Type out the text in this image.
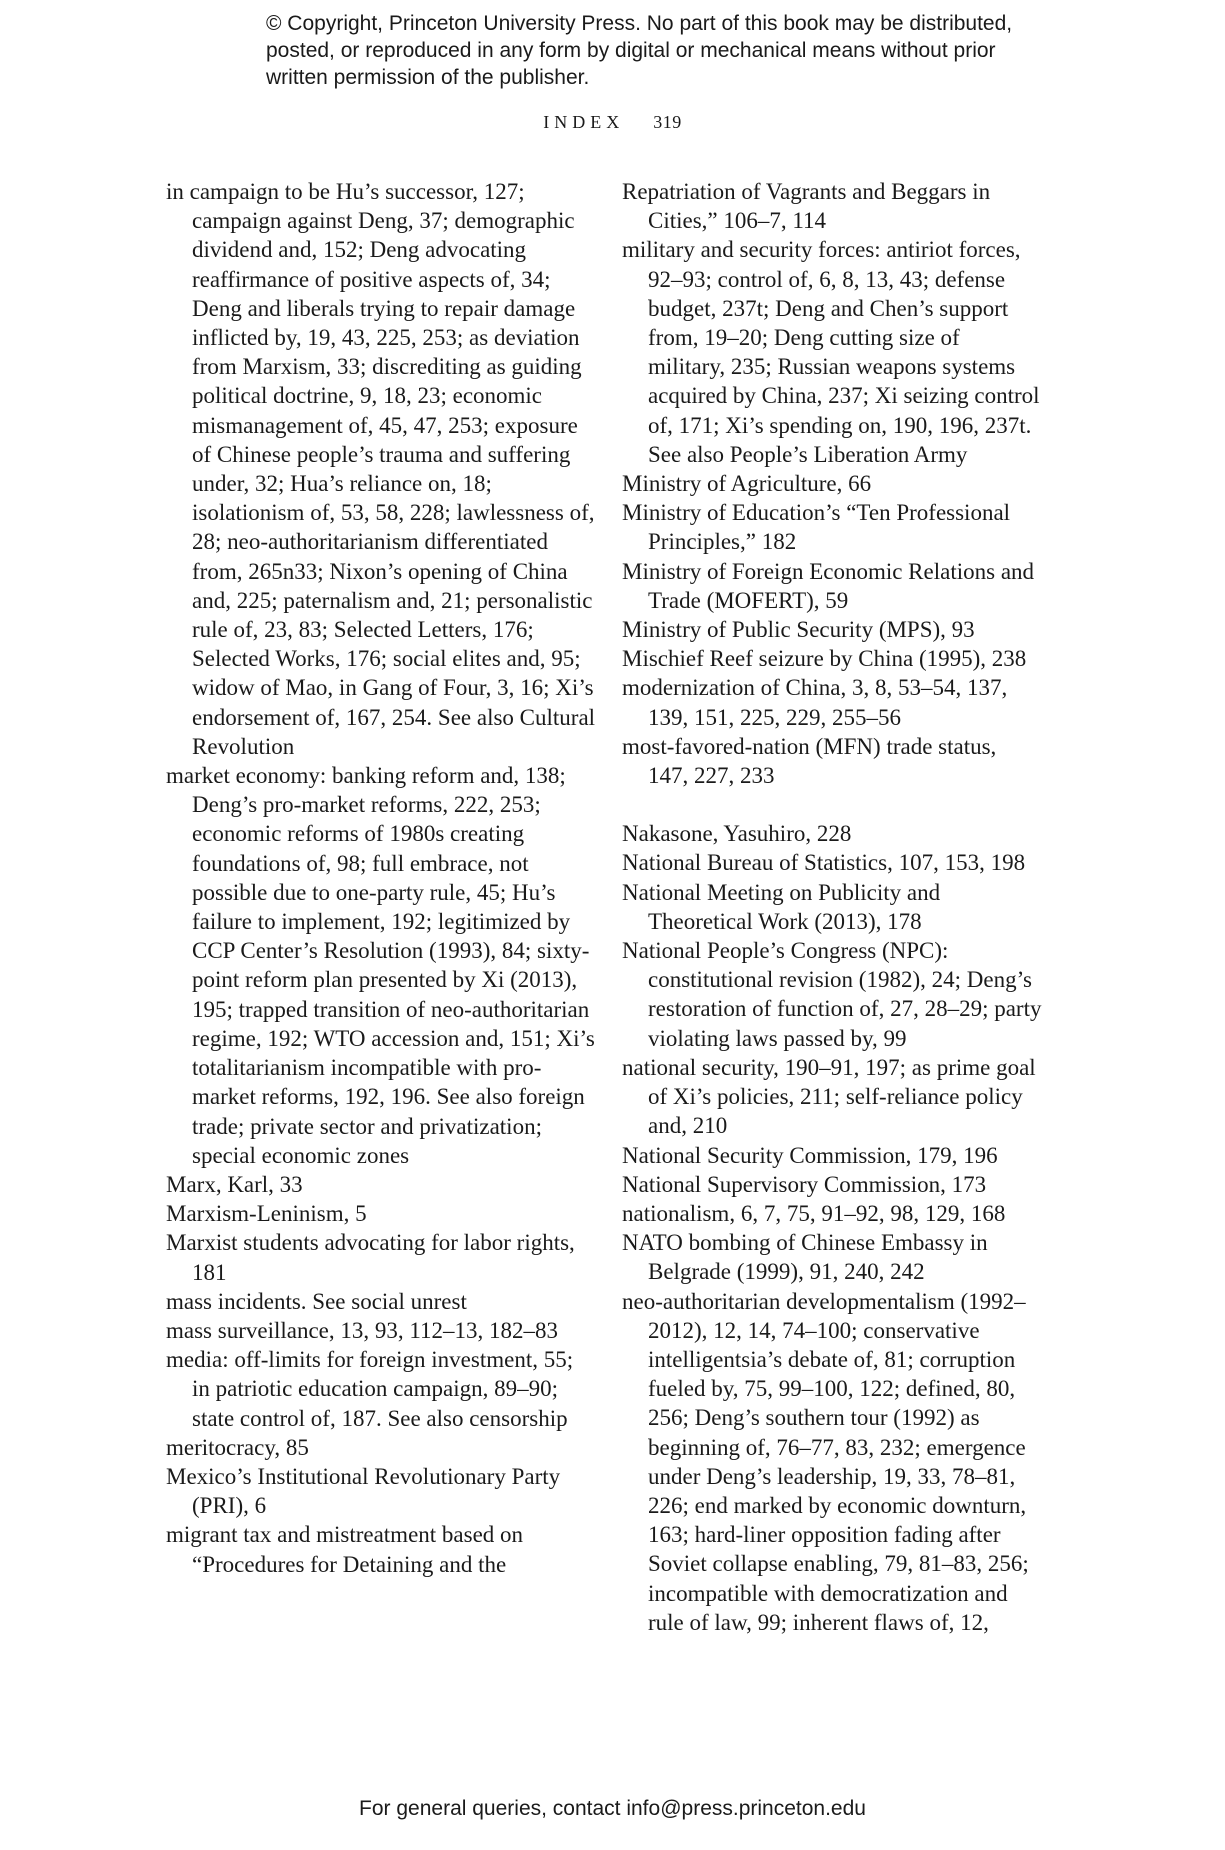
© Copyright, Princeton University Press. No part of this book may be distributed, posted, or reproduced in any form by digital or mechanical means without prior written permission of the publisher.
INDEX 319
in campaign to be Hu’s successor, 127; campaign against Deng, 37; demographic dividend and, 152; Deng advocating reaffirmance of positive aspects of, 34; Deng and liberals trying to repair damage inflicted by, 19, 43, 225, 253; as deviation from Marxism, 33; discrediting as guiding political doctrine, 9, 18, 23; economic mismanagement of, 45, 47, 253; exposure of Chinese people’s trauma and suffering under, 32; Hua’s reliance on, 18; isolationism of, 53, 58, 228; lawlessness of, 28; neo-authoritarianism differentiated from, 265n33; Nixon’s opening of China and, 225; paternalism and, 21; personalistic rule of, 23, 83; Selected Letters, 176; Selected Works, 176; social elites and, 95; widow of Mao, in Gang of Four, 3, 16; Xi’s endorsement of, 167, 254. See also Cultural Revolution
market economy: banking reform and, 138; Deng’s pro-market reforms, 222, 253; economic reforms of 1980s creating foundations of, 98; full embrace, not possible due to one-party rule, 45; Hu’s failure to implement, 192; legitimized by CCP Center’s Resolution (1993), 84; sixty-point reform plan presented by Xi (2013), 195; trapped transition of neo-authoritarian regime, 192; WTO accession and, 151; Xi’s totalitarianism incompatible with pro-market reforms, 192, 196. See also foreign trade; private sector and privatization; special economic zones
Marx, Karl, 33
Marxism-Leninism, 5
Marxist students advocating for labor rights, 181
mass incidents. See social unrest
mass surveillance, 13, 93, 112–13, 182–83
media: off-limits for foreign investment, 55; in patriotic education campaign, 89–90; state control of, 187. See also censorship
meritocracy, 85
Mexico’s Institutional Revolutionary Party (PRI), 6
migrant tax and mistreatment based on “Procedures for Detaining and the
Repatriation of Vagrants and Beggars in Cities,” 106–7, 114
military and security forces: antiriot forces, 92–93; control of, 6, 8, 13, 43; defense budget, 237t; Deng and Chen’s support from, 19–20; Deng cutting size of military, 235; Russian weapons systems acquired by China, 237; Xi seizing control of, 171; Xi’s spending on, 190, 196, 237t. See also People’s Liberation Army
Ministry of Agriculture, 66
Ministry of Education’s “Ten Professional Principles,” 182
Ministry of Foreign Economic Relations and Trade (MOFERT), 59
Ministry of Public Security (MPS), 93
Mischief Reef seizure by China (1995), 238
modernization of China, 3, 8, 53–54, 137, 139, 151, 225, 229, 255–56
most-favored-nation (MFN) trade status, 147, 227, 233
Nakasone, Yasuhiro, 228
National Bureau of Statistics, 107, 153, 198
National Meeting on Publicity and Theoretical Work (2013), 178
National People’s Congress (NPC): constitutional revision (1982), 24; Deng’s restoration of function of, 27, 28–29; party violating laws passed by, 99
national security, 190–91, 197; as prime goal of Xi’s policies, 211; self-reliance policy and, 210
National Security Commission, 179, 196
National Supervisory Commission, 173
nationalism, 6, 7, 75, 91–92, 98, 129, 168
NATO bombing of Chinese Embassy in Belgrade (1999), 91, 240, 242
neo-authoritarian developmentalism (1992–2012), 12, 14, 74–100; conservative intelligentsia’s debate of, 81; corruption fueled by, 75, 99–100, 122; defined, 80, 256; Deng’s southern tour (1992) as beginning of, 76–77, 83, 232; emergence under Deng’s leadership, 19, 33, 78–81, 226; end marked by economic downturn, 163; hard-liner opposition fading after Soviet collapse enabling, 79, 81–83, 256; incompatible with democratization and rule of law, 99; inherent flaws of, 12,
For general queries, contact info@press.princeton.edu
